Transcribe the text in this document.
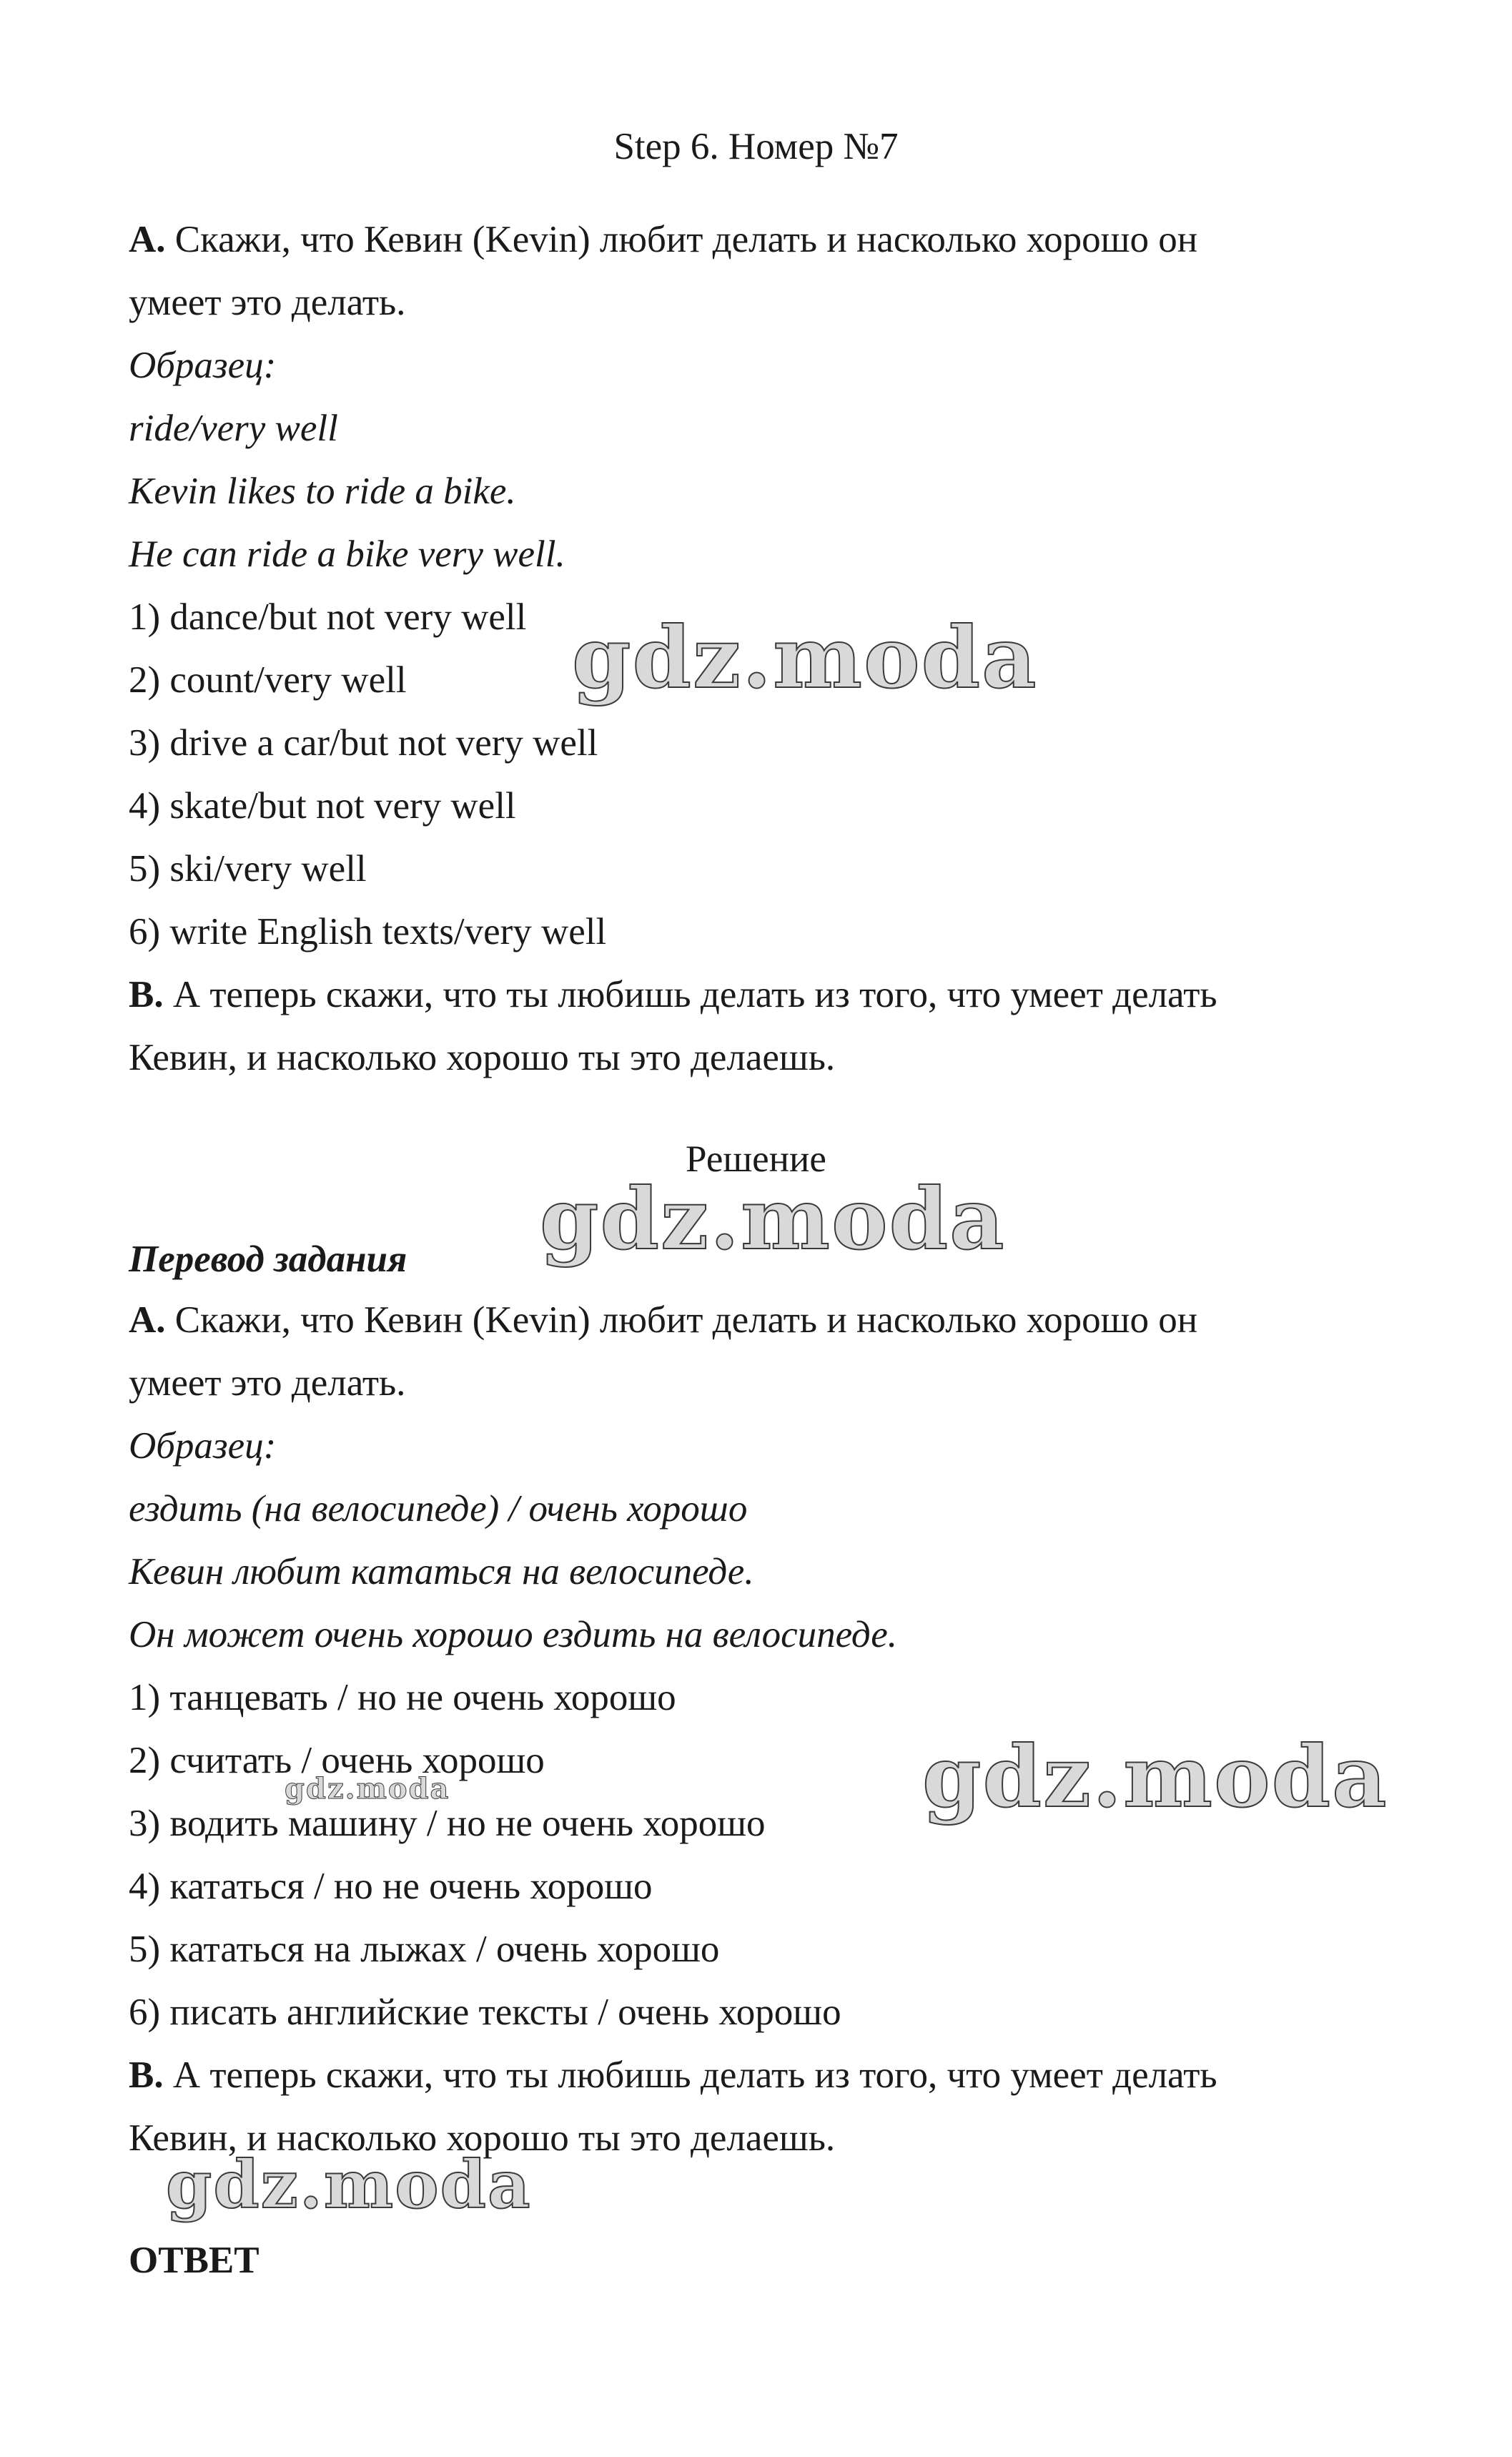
Step 6. Номер №7
A. Скажи, что Кевин (Kevin) любит делать и насколько хорошо он
умеет это делать.
Образец:
ride/very well
Kevin likes to ride a bike.
He can ride a bike very well.
1) dance/but not very well
2) count/very well
3) drive a car/but not very well
4) skate/but not very well
5) ski/very well
6) write English texts/very well
B. А теперь скажи, что ты любишь делать из того, что умеет делать
Кевин, и насколько хорошо ты это делаешь.
Решение
Перевод задания
A. Скажи, что Кевин (Kevin) любит делать и насколько хорошо он
умеет это делать.
Образец:
ездить (на велосипеде) / очень хорошо
Кевин любит кататься на велосипеде.
Он может очень хорошо ездить на велосипеде.
1) танцевать / но не очень хорошо
2) считать / очень хорошо
3) водить машину / но не очень хорошо
4) кататься / но не очень хорошо
5) кататься на лыжах / очень хорошо
6) писать английские тексты / очень хорошо
B. А теперь скажи, что ты любишь делать из того, что умеет делать
Кевин, и насколько хорошо ты это делаешь.
ОТВЕТ
gdz.moda
gdz.moda
gdz.moda
gdz.moda
gdz.moda
